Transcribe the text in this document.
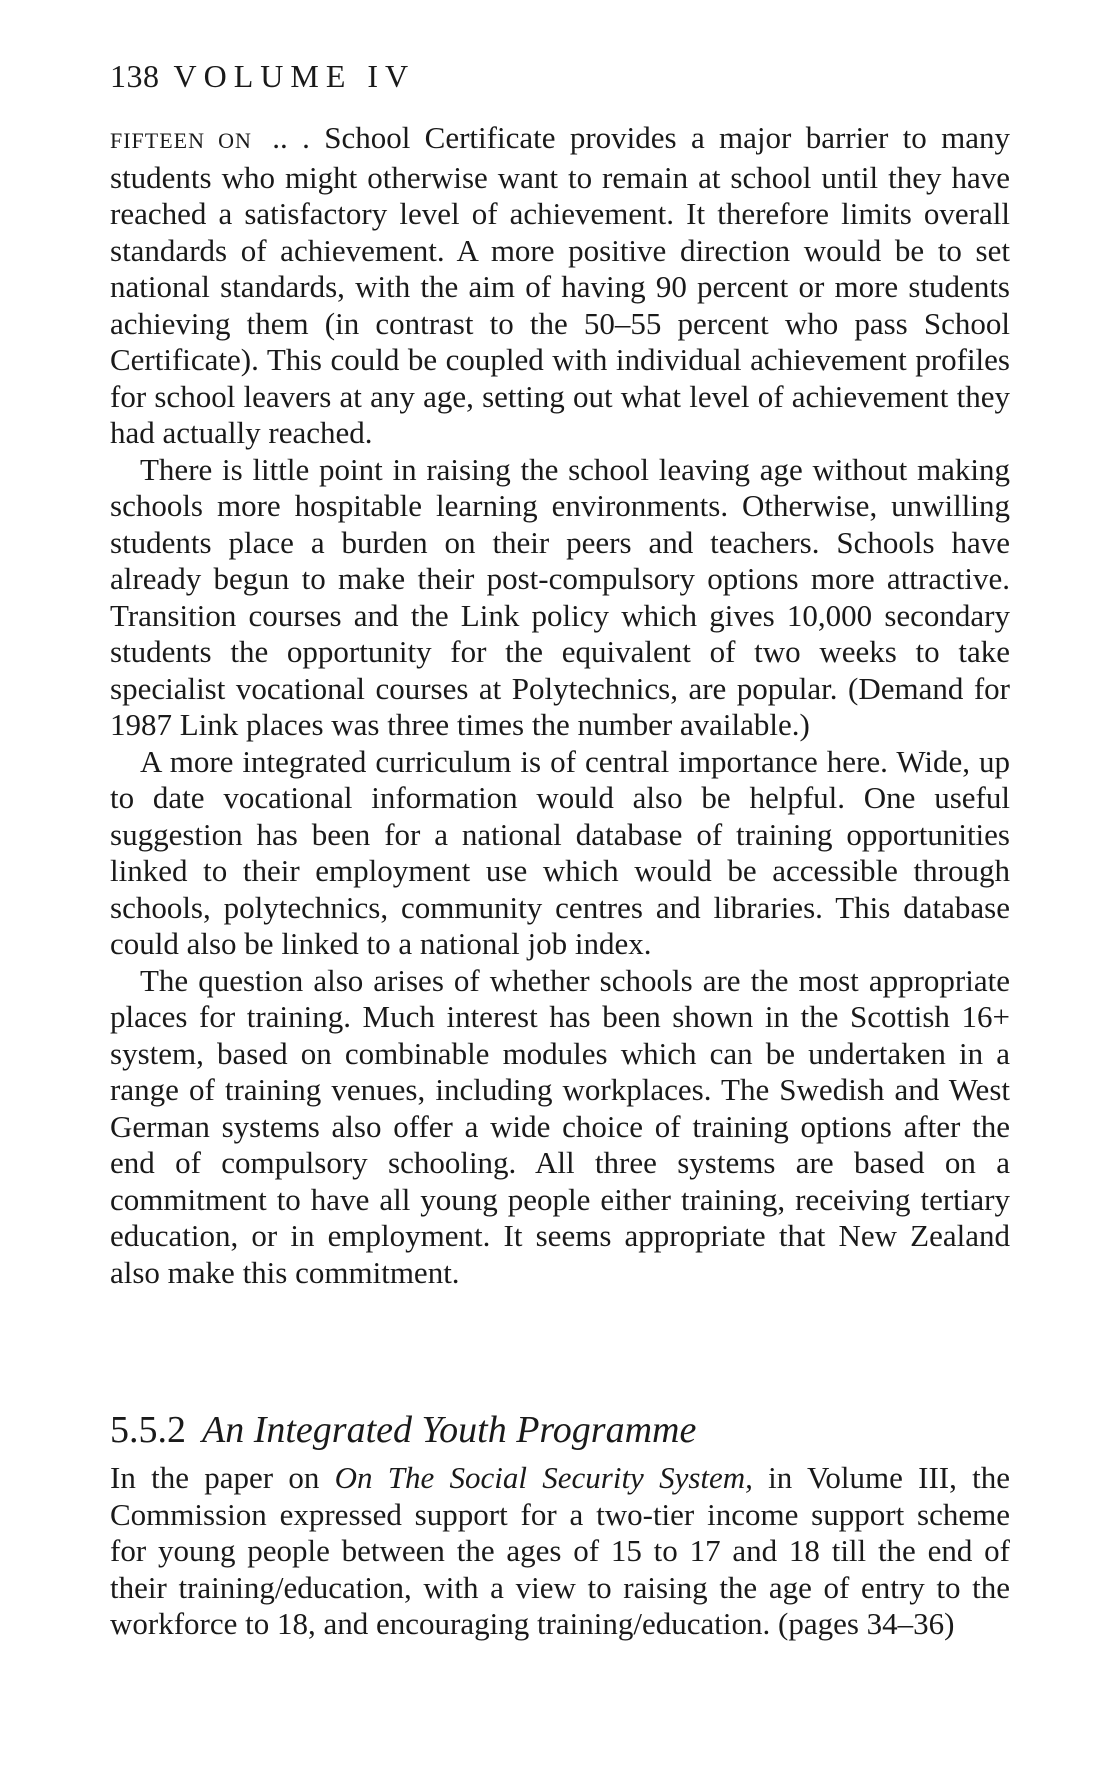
138 VOLUME IV

FIFTEEN ON .. . School Certificate provides a major barrier to many students who might otherwise want to remain at school until they have reached a satisfactory level of achievement. It therefore limits overall standards of achievement. A more positive direction would be to set national standards, with the aim of having 90 percent or more students achieving them (in contrast to the 50–55 percent who pass School Certificate). This could be coupled with individual achievement profiles for school leavers at any age, setting out what level of achievement they had actually reached.

There is little point in raising the school leaving age without making schools more hospitable learning environments. Otherwise, unwilling students place a burden on their peers and teachers. Schools have already begun to make their post-compulsory options more attractive. Transition courses and the Link policy which gives 10,000 secondary students the opportunity for the equivalent of two weeks to take specialist vocational courses at Polytechnics, are popular. (Demand for 1987 Link places was three times the number available.)

A more integrated curriculum is of central importance here. Wide, up to date vocational information would also be helpful. One useful suggestion has been for a national database of training opportunities linked to their employment use which would be accessible through schools, polytechnics, community centres and libraries. This database could also be linked to a national job index.

The question also arises of whether schools are the most appropriate places for training. Much interest has been shown in the Scottish 16+ system, based on combinable modules which can be undertaken in a range of training venues, including workplaces. The Swedish and West German systems also offer a wide choice of training options after the end of compulsory schooling. All three systems are based on a commitment to have all young people either training, receiving tertiary education, or in employment. It seems appropriate that New Zealand also make this commitment.

5.5.2 An Integrated Youth Programme

In the paper on On The Social Security System, in Volume III, the Commission expressed support for a two-tier income support scheme for young people between the ages of 15 to 17 and 18 till the end of their training/education, with a view to raising the age of entry to the workforce to 18, and encouraging training/education. (pages 34–36)
